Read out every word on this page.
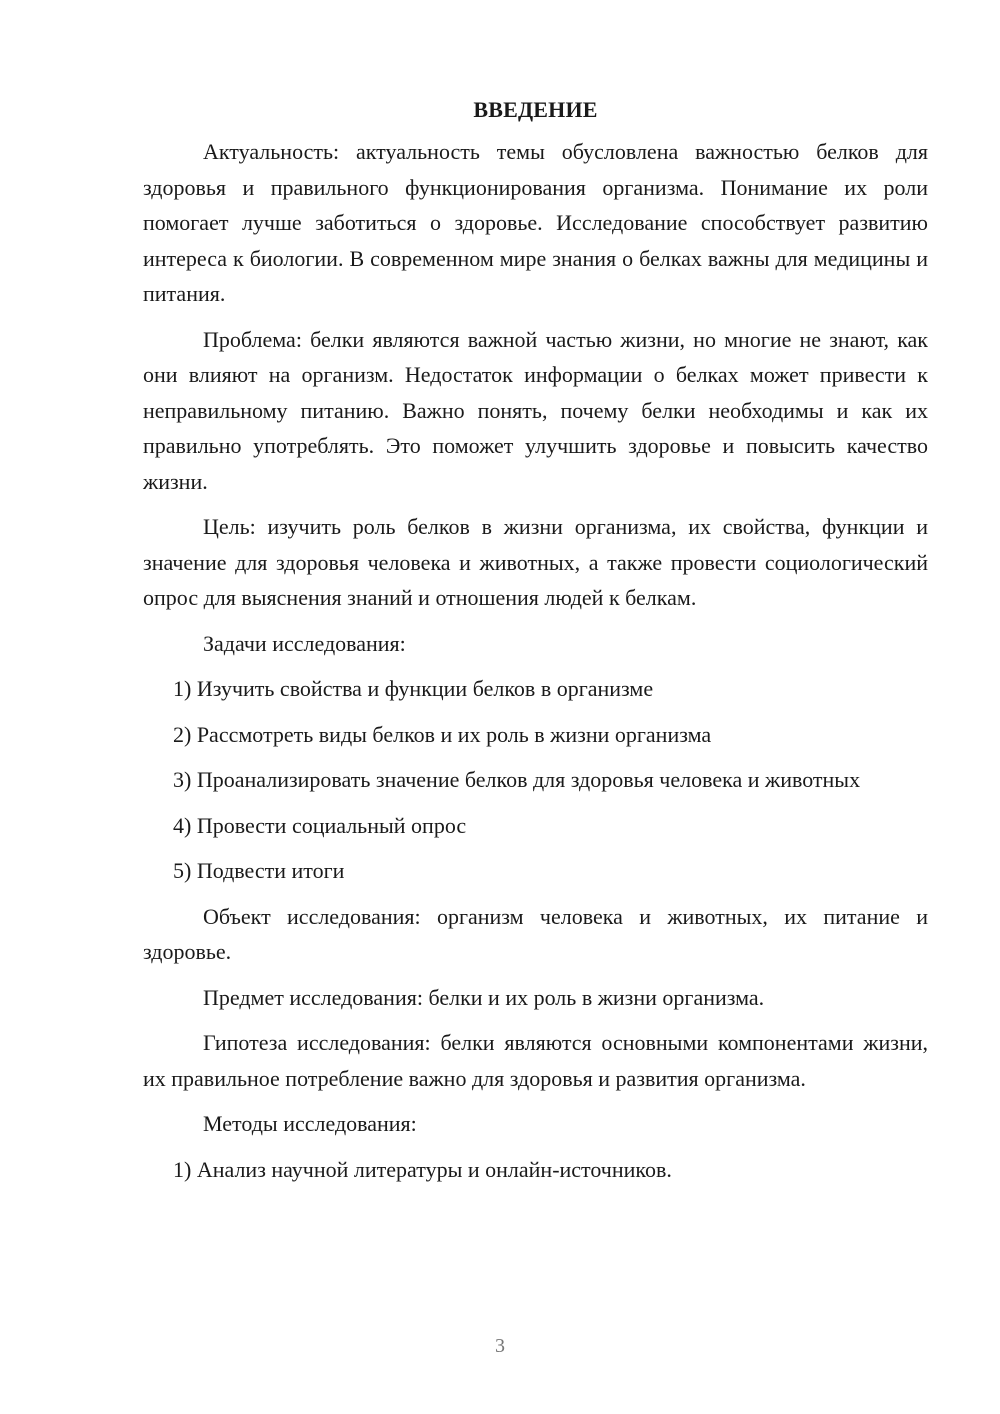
ВВЕДЕНИЕ

Актуальность: актуальность темы обусловлена важностью белков для здоровья и правильного функционирования организма. Понимание их роли помогает лучше заботиться о здоровье. Исследование способствует развитию интереса к биологии. В современном мире знания о белках важны для медицины и питания.

Проблема: белки являются важной частью жизни, но многие не знают, как они влияют на организм. Недостаток информации о белках может привести к неправильному питанию. Важно понять, почему белки необходимы и как их правильно употреблять. Это поможет улучшить здоровье и повысить качество жизни.

Цель: изучить роль белков в жизни организма, их свойства, функции и значение для здоровья человека и животных, а также провести социологический опрос для выяснения знаний и отношения людей к белкам.

Задачи исследования:

1) Изучить свойства и функции белков в организме

2) Рассмотреть виды белков и их роль в жизни организма

3) Проанализировать значение белков для здоровья человека и животных

4) Провести социальный опрос

5) Подвести итоги

Объект исследования: организм человека и животных, их питание и здоровье.

Предмет исследования: белки и их роль в жизни организма.

Гипотеза исследования: белки являются основными компонентами жизни, их правильное потребление важно для здоровья и развития организма.

Методы исследования:

1) Анализ научной литературы и онлайн-источников.

3
